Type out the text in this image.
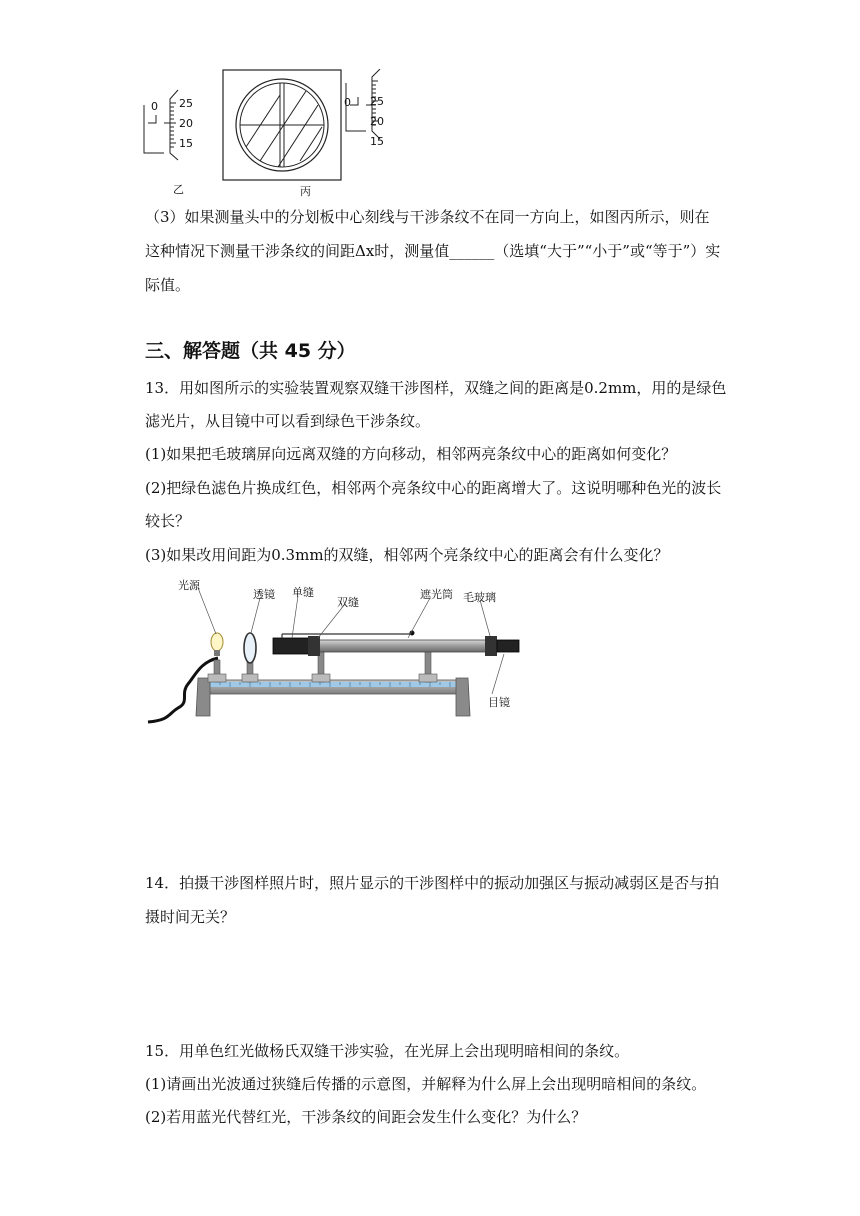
0 25
20
15
乙
0 25
20
15
丙
（3）如果测量头中的分划板中心刻线与干涉条纹不在同一方向上，如图丙所示，则在
这种情况下测量干涉条纹的间距Δx时，测量值______（选填“大于”“小于”或“等于”）实
际值。
三、解答题（共 45 分）
13．用如图所示的实验装置观察双缝干涉图样，双缝之间的距离是0.2mm，用的是绿色
滤光片，从目镜中可以看到绿色干涉条纹。
(1)如果把毛玻璃屏向远离双缝的方向移动，相邻两亮条纹中心的距离如何变化？
(2)把绿色滤色片换成红色，相邻两个亮条纹中心的距离增大了。这说明哪种色光的波长
较长？
(3)如果改用间距为0.3mm的双缝，相邻两个亮条纹中心的距离会有什么变化？
光源
透镜 单缝
双缝
遮光筒 毛玻璃
目镜
14．拍摄干涉图样照片时，照片显示的干涉图样中的振动加强区与振动减弱区是否与拍
摄时间无关？
15．用单色红光做杨氏双缝干涉实验，在光屏上会出现明暗相间的条纹。
(1)请画出光波通过狭缝后传播的示意图，并解释为什么屏上会出现明暗相间的条纹。
(2)若用蓝光代替红光，干涉条纹的间距会发生什么变化？为什么？
